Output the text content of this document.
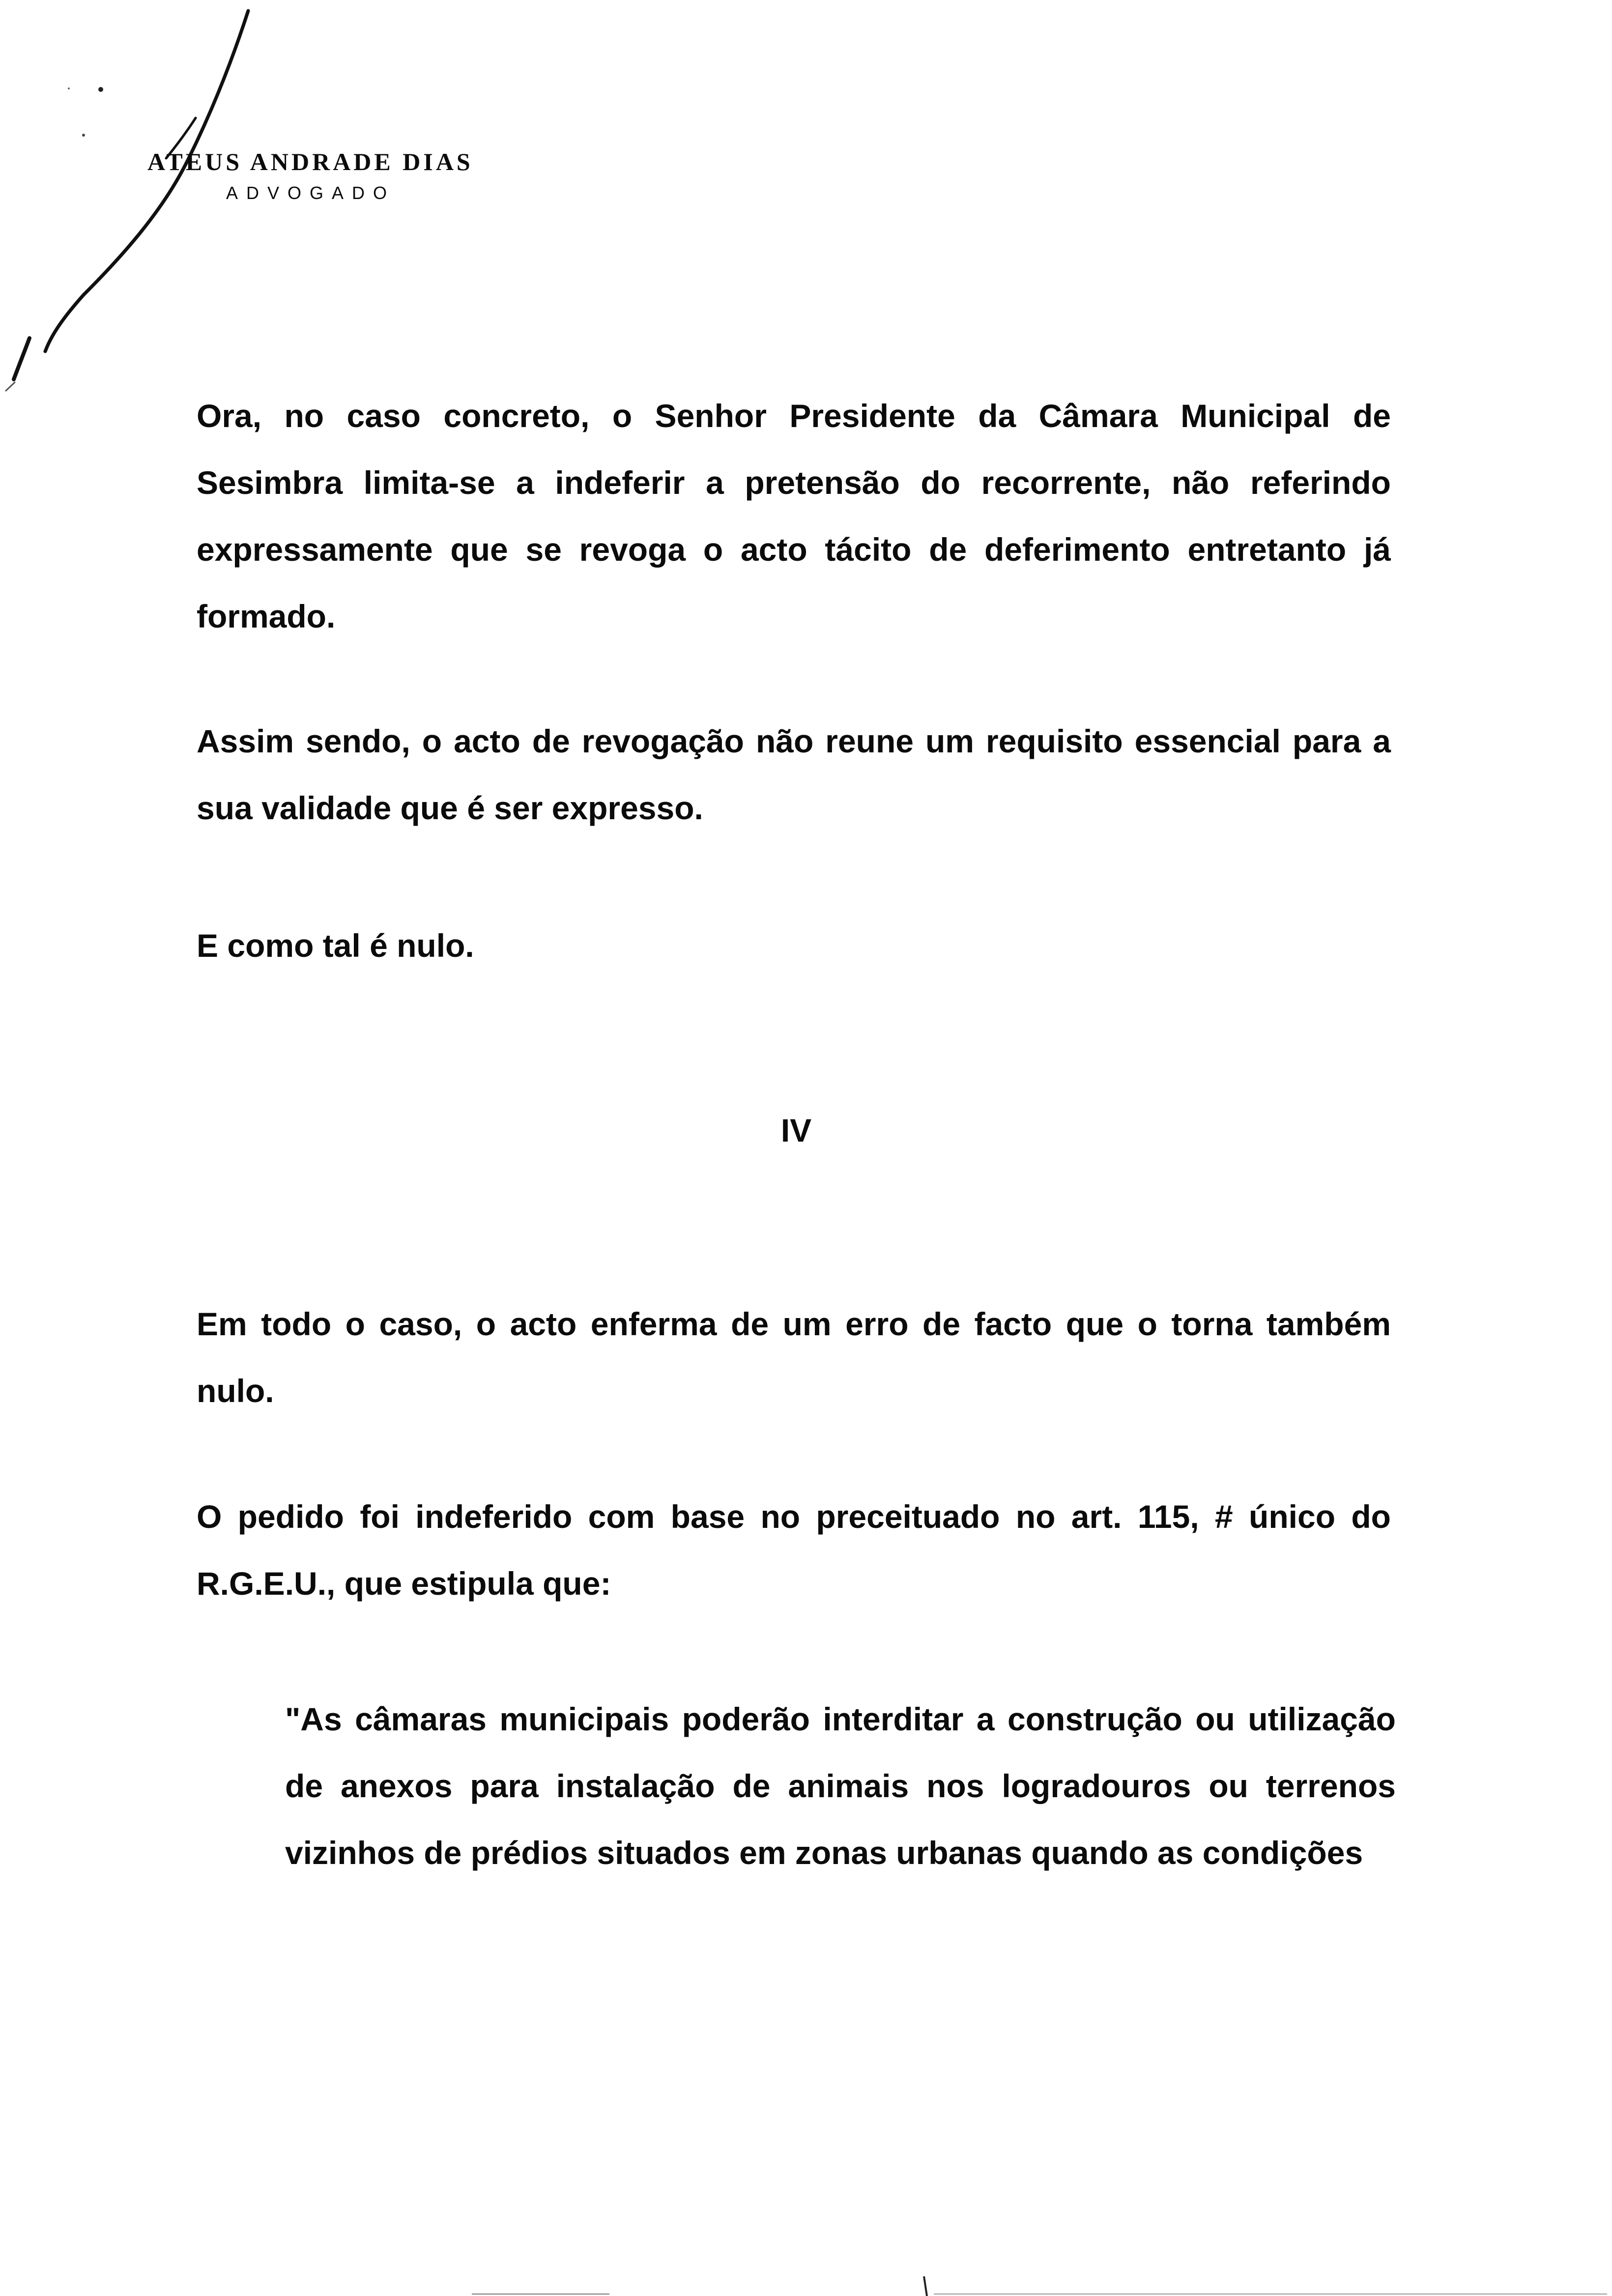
ATEUS ANDRADE DIAS
ADVOGADO

Ora, no caso concreto, o Senhor Presidente da Câmara Municipal de Sesimbra limita-se a indeferir a pretensão do recorrente, não referindo expressamente que se revoga o acto tácito de deferimento entretanto já formado.

Assim sendo, o acto de revogação não reune um requisito essencial para a sua validade que é ser expresso.

E como tal é nulo.

IV

Em todo o caso, o acto enferma de um erro de facto que o torna também nulo.

O pedido foi indeferido com base no preceituado no art. 115, # único do R.G.E.U., que estipula que:

"As câmaras municipais poderão interditar a construção ou utilização de anexos para instalação de animais nos logradouros ou terrenos vizinhos de prédios situados em zonas urbanas quando as condições
